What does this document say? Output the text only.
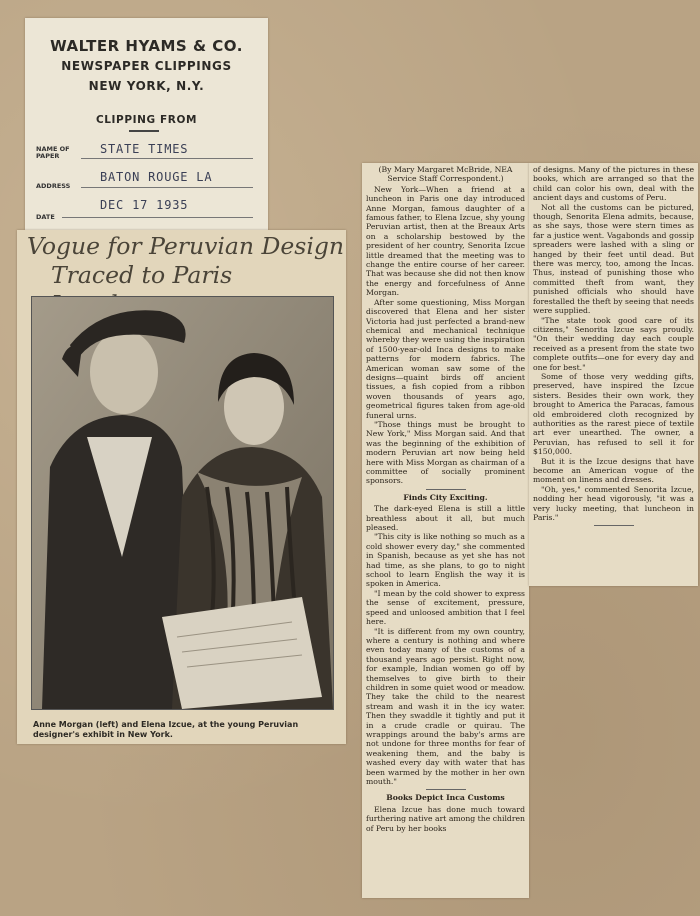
WALTER HYAMS & CO.
NEWSPAPER CLIPPINGS
NEW YORK, N.Y.
CLIPPING FROM
NAME OF PAPER	STATE TIMES
ADDRESS
BATON ROUGE LA
DATE
DEC 17 1935
Vogue for Peruvian Design
Traced to Paris
Anne Morgan (left) and Elena Izcue, at the young Peruvian designer's exhibit in New York.

(By Mary Margaret McBride, NEA Service Staff Correspondent.)

New York—When a friend at a luncheon in Paris one day introduced Anne Morgan, famous daughter of a famous father, to Elena Izcue, shy young Peruvian artist, then at the Breaux Arts on a scholarship bestowed by the president of her country, Senorita Izcue little dreamed that the meeting was to change the entire course of her career. That was because she did not then know the energy and forcefulness of Anne Morgan.

After some questioning, Miss Morgan discovered that Elena and her sister Victoria had just perfected a brand-new chemical and mechanical technique whereby they were using the inspiration of 1500-year-old Inca designs to make patterns for modern fabrics. The American woman saw some of the designs—quaint birds off ancient tissues, a fish copied from a ribbon woven thousands of years ago, geometrical figures taken from age-old funeral urns.

"Those things must be brought to New York," Miss Morgan said. And that was the beginning of the exhibition of modern Peruvian art now being held here with Miss Morgan as chairman of a committee of socially prominent sponsors.

Finds City Exciting.

The dark-eyed Elena is still a little breathless about it all, but much pleased.

"This city is like nothing so much as a cold shower every day," she commented in Spanish, because as yet she has not had time, as she plans, to go to night school to learn English the way it is spoken in America.

"I mean by the cold shower to express the sense of excitement, pressure, speed and unloosed ambition that I feel here.

"It is different from my own country, where a century is nothing and where even today many of the customs of a thousand years ago persist. Right now, for example, Indian women go off by themselves to give birth to their children in some quiet wood or meadow. They take the child to the nearest stream and wash it in the icy water. Then they swaddle it tightly and put it in a crude cradle or quirau. The wrappings around the baby's arms are not undone for three months for fear of weakening them, and the baby is washed every day with water that has been warmed by the mother in her own mouth."

Books Depict Inca Customs

Elena Izcue has done much toward furthering native art among the children of Peru by her books

of designs. Many of the pictures in these books, which are arranged so that the child can color his own, deal with the ancient days and customs of Peru.

Not all the customs can be pictured, though, Senorita Elena admits, because, as she says, those were stern times as far a justice went. Vagabonds and gossip spreaders were lashed with a sling or hanged by their feet until dead. But there was mercy, too, among the Incas. Thus, instead of punishing those who committed theft from want, they punished officials who should have forestalled the theft by seeing that needs were supplied.

"The state took good care of its citizens," Senorita Izcue says proudly. "On their wedding day each couple received as a present from the state two complete outfits—one for every day and one for best."

Some of those very wedding gifts, preserved, have inspired the Izcue sisters. Besides their own work, they brought to America the Paracas, famous old embroidered cloth recognized by authorities as the rarest piece of textile art ever unearthed. The owner, a Peruvian, has refused to sell it for $150,000.

But it is the Izcue designs that have become an American vogue of the moment on linens and dresses.

"Oh, yes," commented Senorita Izcue, nodding her head vigorously, "it was a very lucky meeting, that luncheon in Paris."
